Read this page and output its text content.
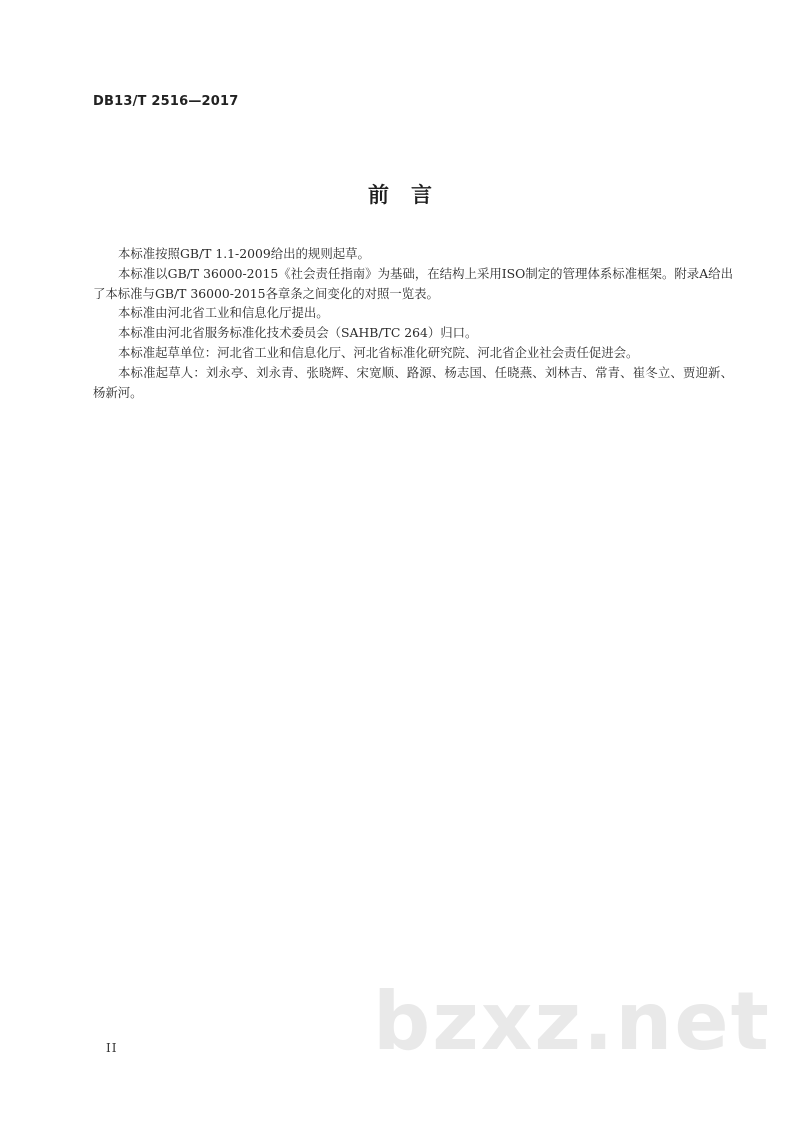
DB13/T 2516—2017
前 言

本标准按照GB/T 1.1-2009给出的规则起草。

本标准以GB/T 36000-2015《社会责任指南》为基础，在结构上采用ISO制定的管理体系标准框架。附录A给出了本标准与GB/T 36000-2015各章条之间变化的对照一览表。

本标准由河北省工业和信息化厅提出。

本标准由河北省服务标准化技术委员会（SAHB/TC 264）归口。

本标准起草单位：河北省工业和信息化厅、河北省标准化研究院、河北省企业社会责任促进会。

本标准起草人：刘永亭、刘永青、张晓辉、宋宽顺、路源、杨志国、任晓燕、刘林吉、常青、崔冬立、贾迎新、杨新河。

II	bzxz.net
